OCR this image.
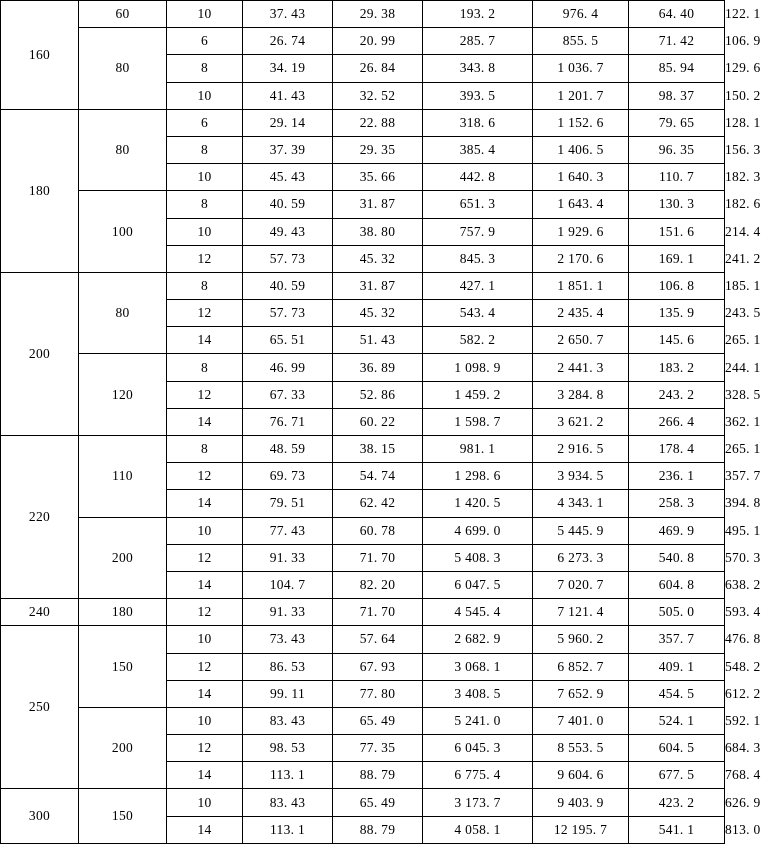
160	60	10	37. 43	29. 38	193. 2	976. 4	64. 40	122. 1
	80	6	26. 74	20. 99	285. 7	855. 5	71. 42	106. 9
		8	34. 19	26. 84	343. 8	1 036. 7	85. 94	129. 6
		10	41. 43	32. 52	393. 5	1 201. 7	98. 37	150. 2
180	80	6	29. 14	22. 88	318. 6	1 152. 6	79. 65	128. 1
		8	37. 39	29. 35	385. 4	1 406. 5	96. 35	156. 3
		10	45. 43	35. 66	442. 8	1 640. 3	110. 7	182. 3
	100	8	40. 59	31. 87	651. 3	1 643. 4	130. 3	182. 6
		10	49. 43	38. 80	757. 9	1 929. 6	151. 6	214. 4
		12	57. 73	45. 32	845. 3	2 170. 6	169. 1	241. 2
200	80	8	40. 59	31. 87	427. 1	1 851. 1	106. 8	185. 1
		12	57. 73	45. 32	543. 4	2 435. 4	135. 9	243. 5
		14	65. 51	51. 43	582. 2	2 650. 7	145. 6	265. 1
	120	8	46. 99	36. 89	1 098. 9	2 441. 3	183. 2	244. 1
		12	67. 33	52. 86	1 459. 2	3 284. 8	243. 2	328. 5
		14	76. 71	60. 22	1 598. 7	3 621. 2	266. 4	362. 1
220	110	8	48. 59	38. 15	981. 1	2 916. 5	178. 4	265. 1
		12	69. 73	54. 74	1 298. 6	3 934. 5	236. 1	357. 7
		14	79. 51	62. 42	1 420. 5	4 343. 1	258. 3	394. 8
	200	10	77. 43	60. 78	4 699. 0	5 445. 9	469. 9	495. 1
		12	91. 33	71. 70	5 408. 3	6 273. 3	540. 8	570. 3
		14	104. 7	82. 20	6 047. 5	7 020. 7	604. 8	638. 2
240	180	12	91. 33	71. 70	4 545. 4	7 121. 4	505. 0	593. 4
250	150	10	73. 43	57. 64	2 682. 9	5 960. 2	357. 7	476. 8
		12	86. 53	67. 93	3 068. 1	6 852. 7	409. 1	548. 2
		14	99. 11	77. 80	3 408. 5	7 652. 9	454. 5	612. 2
	200	10	83. 43	65. 49	5 241. 0	7 401. 0	524. 1	592. 1
		12	98. 53	77. 35	6 045. 3	8 553. 5	604. 5	684. 3
		14	113. 1	88. 79	6 775. 4	9 604. 6	677. 5	768. 4
300	150	10	83. 43	65. 49	3 173. 7	9 403. 9	423. 2	626. 9
		14	113. 1	88. 79	4 058. 1	12 195. 7	541. 1	813. 0
